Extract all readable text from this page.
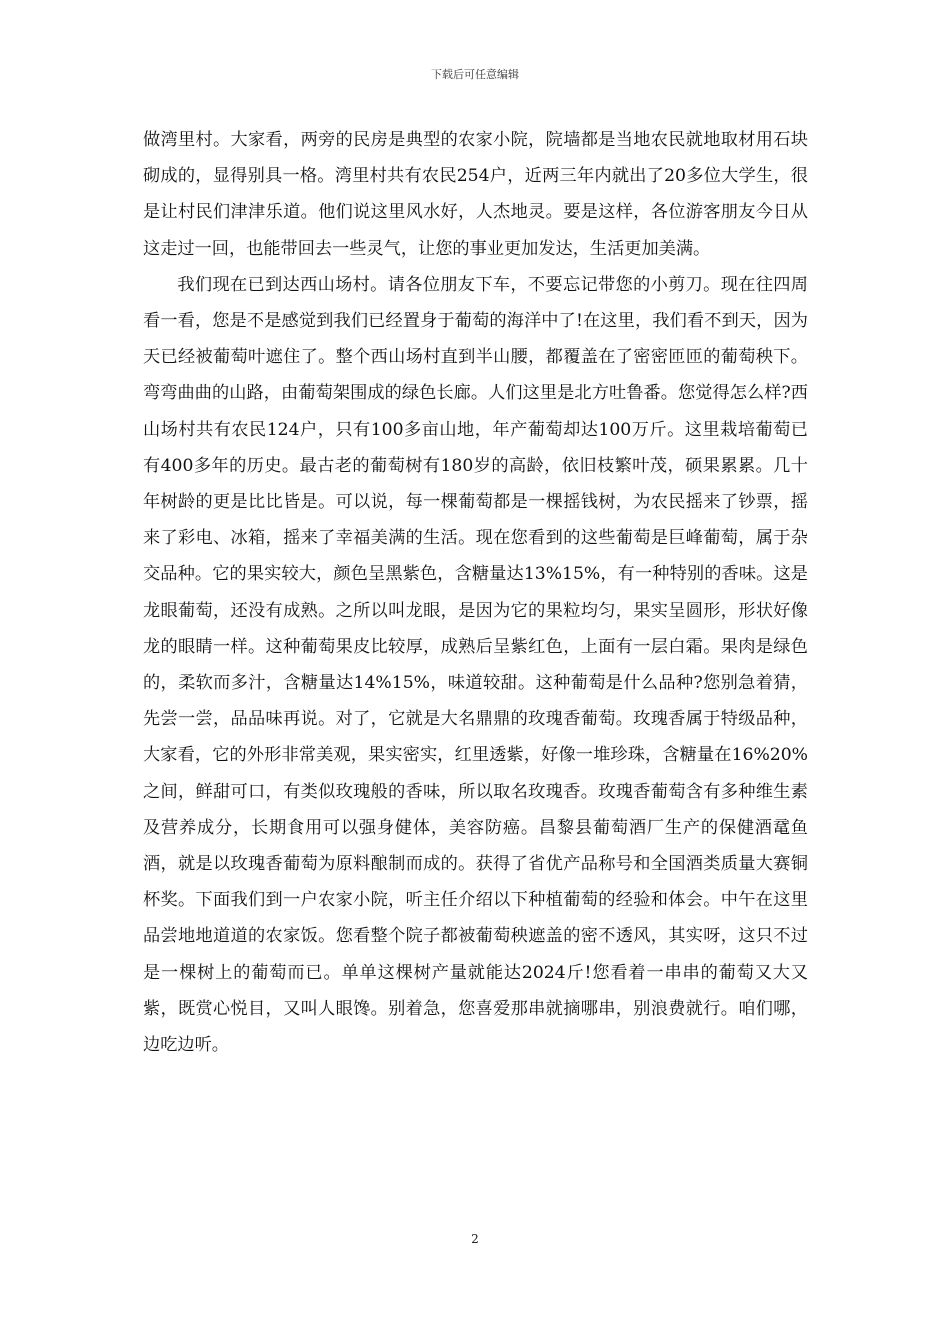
下载后可任意编辑

做湾里村。大家看，两旁的民房是典型的农家小院，院墙都是当地农民就地取材用石块砌成的，显得别具一格。湾里村共有农民254户，近两三年内就出了20多位大学生，很是让村民们津津乐道。他们说这里风水好，人杰地灵。要是这样，各位游客朋友今日从这走过一回，也能带回去一些灵气，让您的事业更加发达，生活更加美满。

我们现在已到达西山场村。请各位朋友下车，不要忘记带您的小剪刀。现在往四周看一看，您是不是感觉到我们已经置身于葡萄的海洋中了!在这里，我们看不到天，因为天已经被葡萄叶遮住了。整个西山场村直到半山腰，都覆盖在了密密匝匝的葡萄秧下。弯弯曲曲的山路，由葡萄架围成的绿色长廊。人们这里是北方吐鲁番。您觉得怎么样?西山场村共有农民124户，只有100多亩山地，年产葡萄却达100万斤。这里栽培葡萄已有400多年的历史。最古老的葡萄树有180岁的高龄，依旧枝繁叶茂，硕果累累。几十年树龄的更是比比皆是。可以说，每一棵葡萄都是一棵摇钱树，为农民摇来了钞票，摇来了彩电、冰箱，摇来了幸福美满的生活。现在您看到的这些葡萄是巨峰葡萄，属于杂交品种。它的果实较大，颜色呈黑紫色，含糖量达13%15%，有一种特别的香味。这是龙眼葡萄，还没有成熟。之所以叫龙眼，是因为它的果粒均匀，果实呈圆形，形状好像龙的眼睛一样。这种葡萄果皮比较厚，成熟后呈紫红色，上面有一层白霜。果肉是绿色的，柔软而多汁，含糖量达14%15%，味道较甜。这种葡萄是什么品种?您别急着猜，先尝一尝，品品味再说。对了，它就是大名鼎鼎的玫瑰香葡萄。玫瑰香属于特级品种，大家看，它的外形非常美观，果实密实，红里透紫，好像一堆珍珠，含糖量在16%20%之间，鲜甜可口，有类似玫瑰般的香味，所以取名玫瑰香。玫瑰香葡萄含有多种维生素及营养成分，长期食用可以强身健体，美容防癌。昌黎县葡萄酒厂生产的保健酒鼋鱼酒，就是以玫瑰香葡萄为原料酿制而成的。获得了省优产品称号和全国酒类质量大赛铜杯奖。下面我们到一户农家小院，听主任介绍以下种植葡萄的经验和体会。中午在这里品尝地地道道的农家饭。您看整个院子都被葡萄秧遮盖的密不透风，其实呀，这只不过是一棵树上的葡萄而已。单单这棵树产量就能达2024斤!您看着一串串的葡萄又大又紫，既赏心悦目，又叫人眼馋。别着急，您喜爱那串就摘哪串，别浪费就行。咱们哪，边吃边听。

2
